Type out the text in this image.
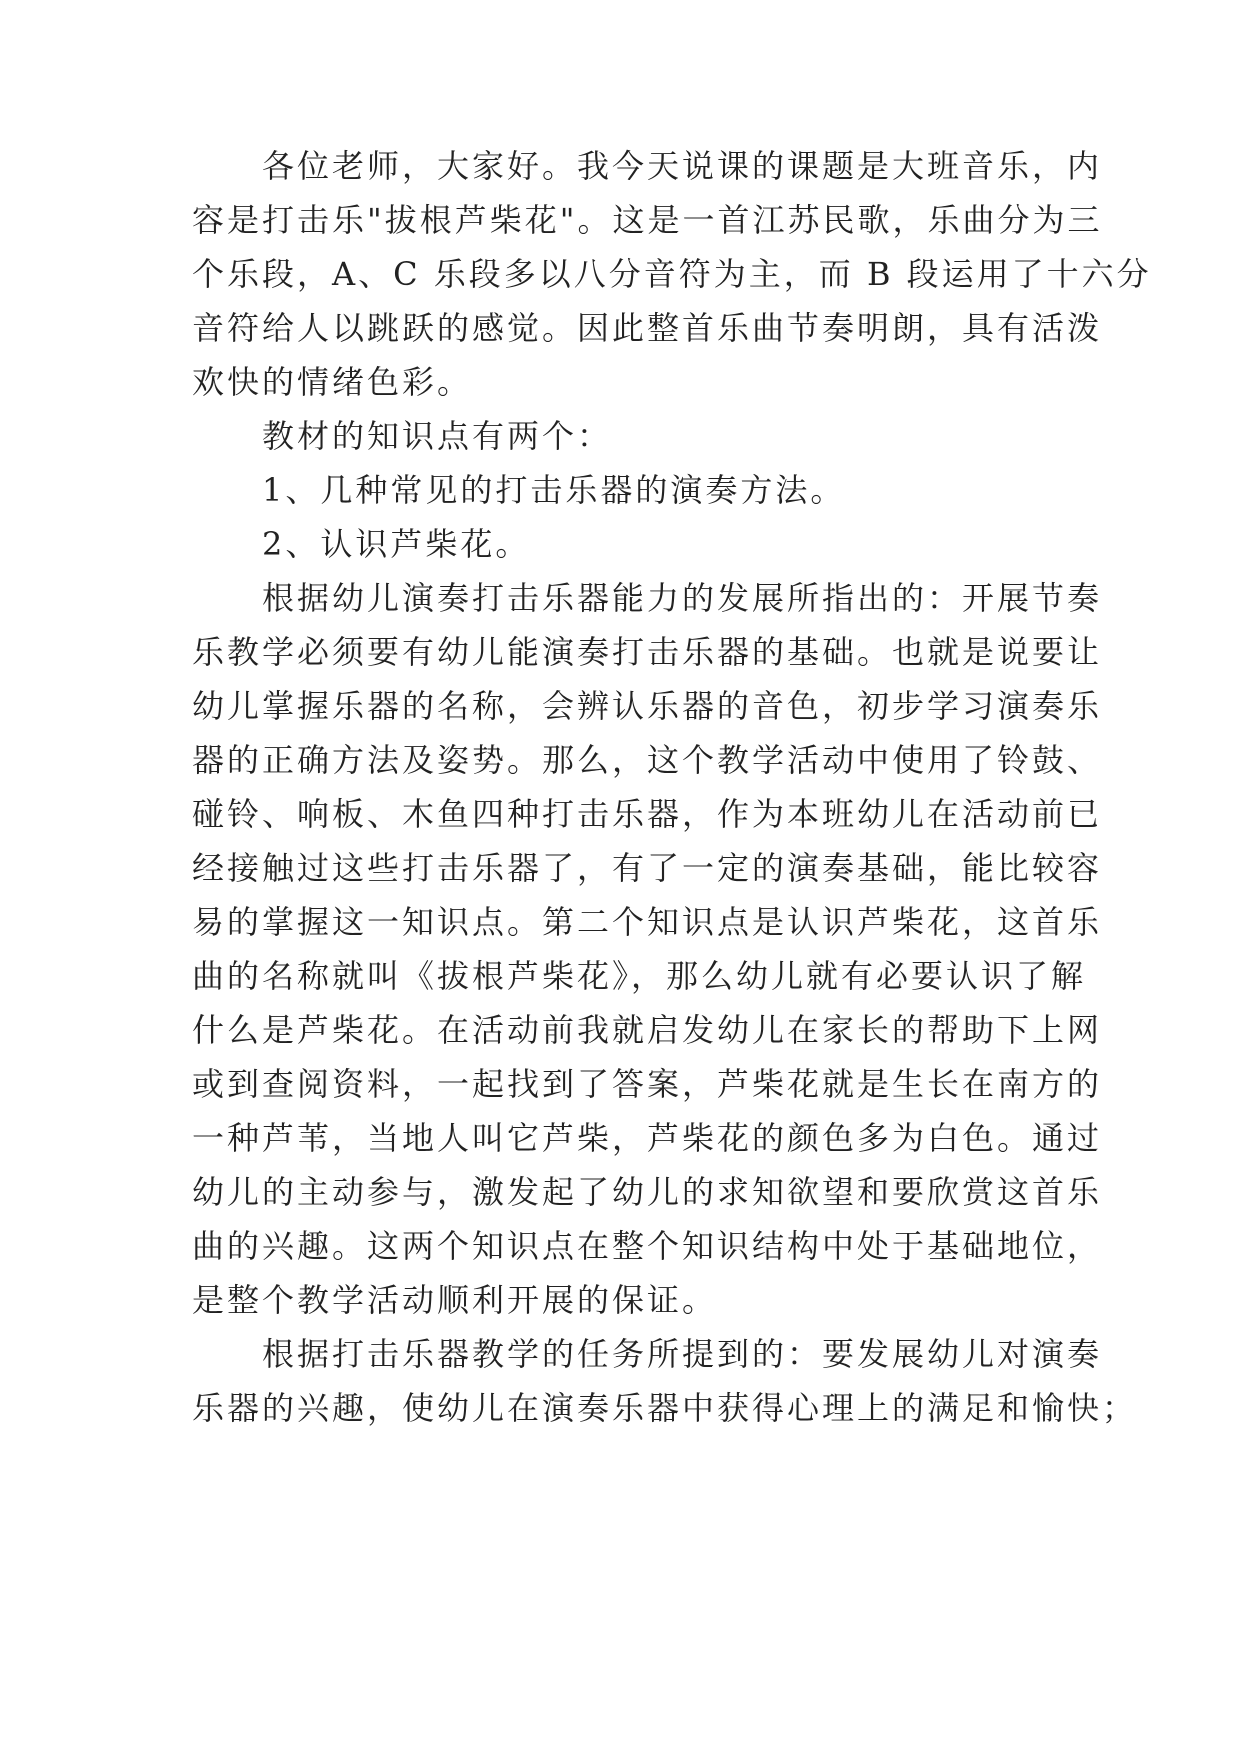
　　各位老师，大家好。我今天说课的课题是大班音乐，内
容是打击乐"拔根芦柴花"。这是一首江苏民歌，乐曲分为三
个乐段，A、C 乐段多以八分音符为主，而 B 段运用了十六分
音符给人以跳跃的感觉。因此整首乐曲节奏明朗，具有活泼
欢快的情绪色彩。
　　教材的知识点有两个：
　　1、几种常见的打击乐器的演奏方法。
　　2、认识芦柴花。
　　根据幼儿演奏打击乐器能力的发展所指出的：开展节奏
乐教学必须要有幼儿能演奏打击乐器的基础。也就是说要让
幼儿掌握乐器的名称，会辨认乐器的音色，初步学习演奏乐
器的正确方法及姿势。那么，这个教学活动中使用了铃鼓、
碰铃、响板、木鱼四种打击乐器，作为本班幼儿在活动前已
经接触过这些打击乐器了，有了一定的演奏基础，能比较容
易的掌握这一知识点。第二个知识点是认识芦柴花，这首乐
曲的名称就叫《拔根芦柴花》，那么幼儿就有必要认识了解
什么是芦柴花。在活动前我就启发幼儿在家长的帮助下上网
或到查阅资料，一起找到了答案，芦柴花就是生长在南方的
一种芦苇，当地人叫它芦柴，芦柴花的颜色多为白色。通过
幼儿的主动参与，激发起了幼儿的求知欲望和要欣赏这首乐
曲的兴趣。这两个知识点在整个知识结构中处于基础地位，
是整个教学活动顺利开展的保证。
　　根据打击乐器教学的任务所提到的：要发展幼儿对演奏
乐器的兴趣，使幼儿在演奏乐器中获得心理上的满足和愉快；
